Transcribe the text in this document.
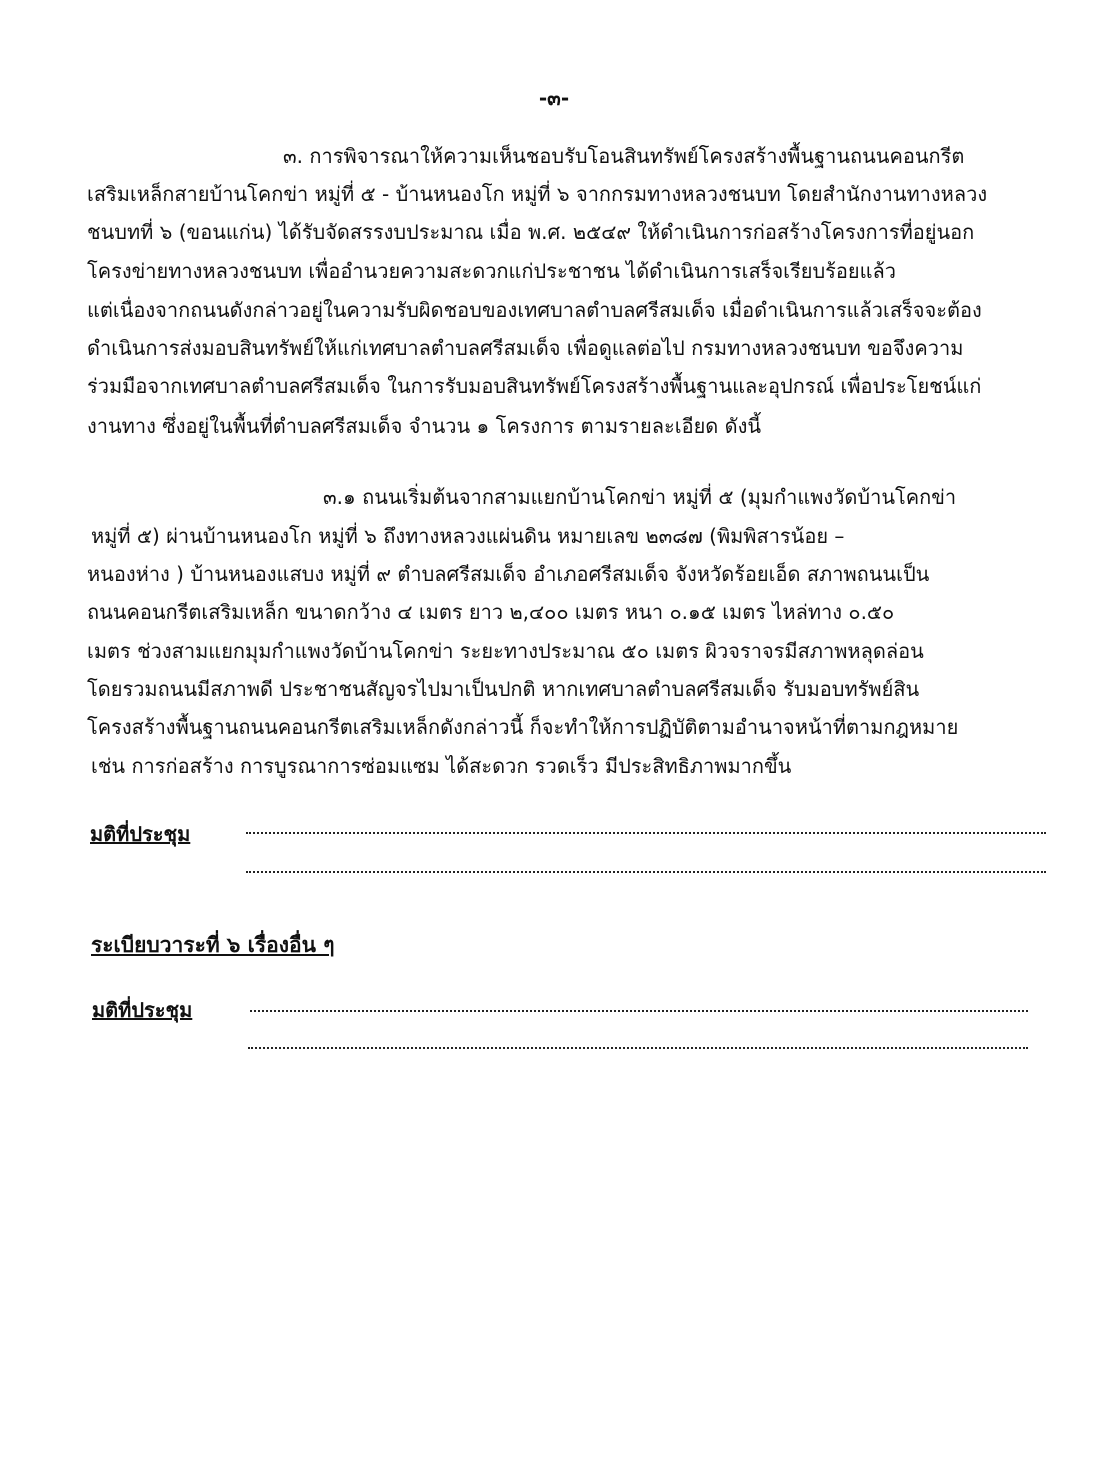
-๓-
๓. การพิจารณาให้ความเห็นชอบรับโอนสินทรัพย์โครงสร้างพื้นฐานถนนคอนกรีต
เสริมเหล็กสายบ้านโคกข่า หมู่ที่ ๕ - บ้านหนองโก หมู่ที่ ๖ จากกรมทางหลวงชนบท โดยสำนักงานทางหลวง
ชนบทที่ ๖ (ขอนแก่น) ได้รับจัดสรรงบประมาณ เมื่อ พ.ศ. ๒๕๔๙ ให้ดำเนินการก่อสร้างโครงการที่อยู่นอก
โครงข่ายทางหลวงชนบท เพื่ออำนวยความสะดวกแก่ประชาชน ได้ดำเนินการเสร็จเรียบร้อยแล้ว
แต่เนื่องจากถนนดังกล่าวอยู่ในความรับผิดชอบของเทศบาลตำบลศรีสมเด็จ เมื่อดำเนินการแล้วเสร็จจะต้อง
ดำเนินการส่งมอบสินทรัพย์ให้แก่เทศบาลตำบลศรีสมเด็จ เพื่อดูแลต่อไป กรมทางหลวงชนบท ขอจึงความ
ร่วมมือจากเทศบาลตำบลศรีสมเด็จ ในการรับมอบสินทรัพย์โครงสร้างพื้นฐานและอุปกรณ์ เพื่อประโยชน์แก่
งานทาง ซึ่งอยู่ในพื้นที่ตำบลศรีสมเด็จ จำนวน ๑ โครงการ ตามรายละเอียด ดังนี้
๓.๑ ถนนเริ่มต้นจากสามแยกบ้านโคกข่า หมู่ที่ ๕ (มุมกำแพงวัดบ้านโคกข่า
หมู่ที่ ๕) ผ่านบ้านหนองโก หมู่ที่ ๖ ถึงทางหลวงแผ่นดิน หมายเลข ๒๓๘๗ (พิมพิสารน้อย –
หนองห่าง ) บ้านหนองแสบง หมู่ที่ ๙ ตำบลศรีสมเด็จ อำเภอศรีสมเด็จ จังหวัดร้อยเอ็ด สภาพถนนเป็น
ถนนคอนกรีตเสริมเหล็ก ขนาดกว้าง ๔ เมตร ยาว ๒,๔๐๐ เมตร หนา ๐.๑๕ เมตร ไหล่ทาง ๐.๕๐
เมตร ช่วงสามแยกมุมกำแพงวัดบ้านโคกข่า ระยะทางประมาณ ๕๐ เมตร ผิวจราจรมีสภาพหลุดล่อน
โดยรวมถนนมีสภาพดี ประชาชนสัญจรไปมาเป็นปกติ หากเทศบาลตำบลศรีสมเด็จ รับมอบทรัพย์สิน
โครงสร้างพื้นฐานถนนคอนกรีตเสริมเหล็กดังกล่าวนี้ ก็จะทำให้การปฏิบัติตามอำนาจหน้าที่ตามกฎหมาย
เช่น การก่อสร้าง การบูรณาการซ่อมแซม ได้สะดวก รวดเร็ว มีประสิทธิภาพมากขึ้น
มติที่ประชุม
ระเบียบวาระที่ ๖ เรื่องอื่น ๆ
มติที่ประชุม
